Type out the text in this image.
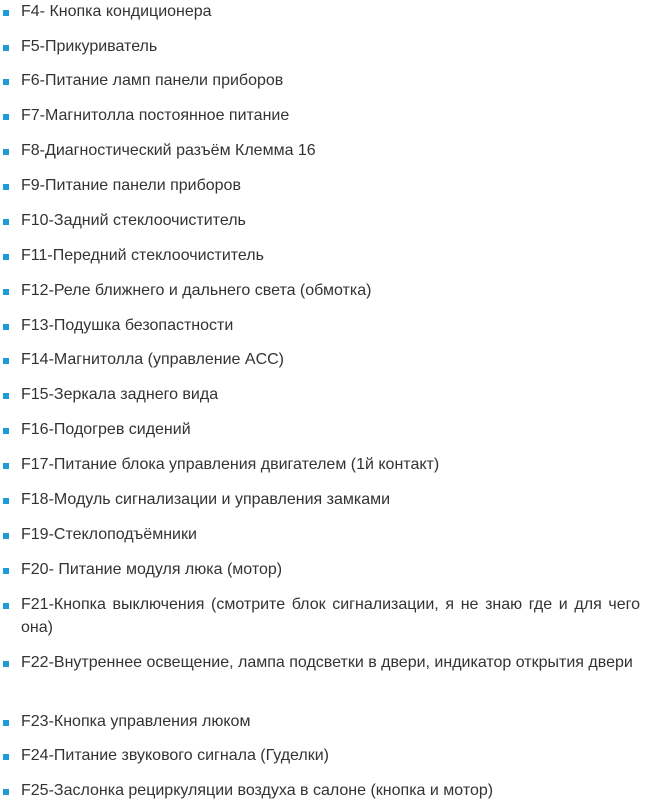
F4- Кнопка кондиционера
F5-Прикуриватель
F6-Питание ламп панели приборов
F7-Магнитолла постоянное питание
F8-Диагностический разъём Клемма 16
F9-Питание панели приборов
F10-Задний стеклоочиститель
F11-Передний стеклоочиститель
F12-Реле ближнего и дальнего света (обмотка)
F13-Подушка безопастности
F14-Магнитолла (управление ACC)
F15-Зеркала заднего вида
F16-Подогрев сидений
F17-Питание блока управления двигателем (1й контакт)
F18-Модуль сигнализации и управления замками
F19-Стеклоподъёмники
F20- Питание модуля люка (мотор)
F21-Кнопка выключения (смотрите блок сигнализации, я не знаю где и для чего она)
F22-Внутреннее освещение, лампа подсветки в двери, индикатор открытия двери
F23-Кнопка управления люком
F24-Питание звукового сигнала (Гуделки)
F25-Заслонка рециркуляции воздуха в салоне (кнопка и мотор)
